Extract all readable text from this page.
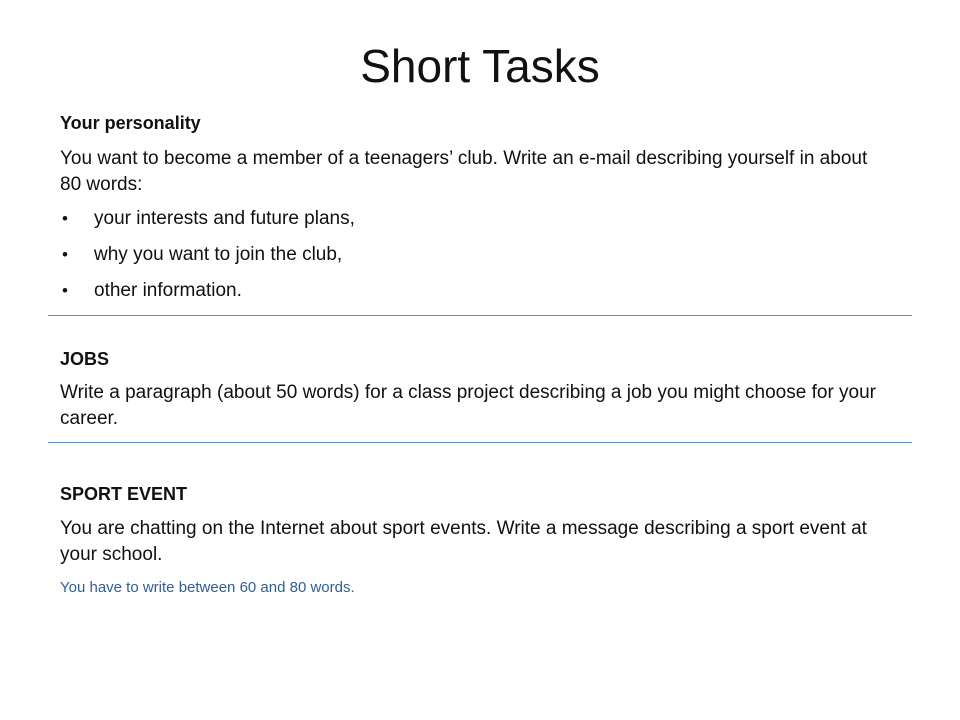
Short Tasks

Your personality

You want to become a member of a teenagers’ club. Write an e-mail describing yourself in about 80 words:

• your interests and future plans,
• why you want to join the club,
• other information.

JOBS

Write a paragraph (about 50 words) for a class project describing a job you might choose for your career.

SPORT EVENT

You are chatting on the Internet about sport events. Write a message describing a sport event at your school.

You have to write between 60 and 80 words.
